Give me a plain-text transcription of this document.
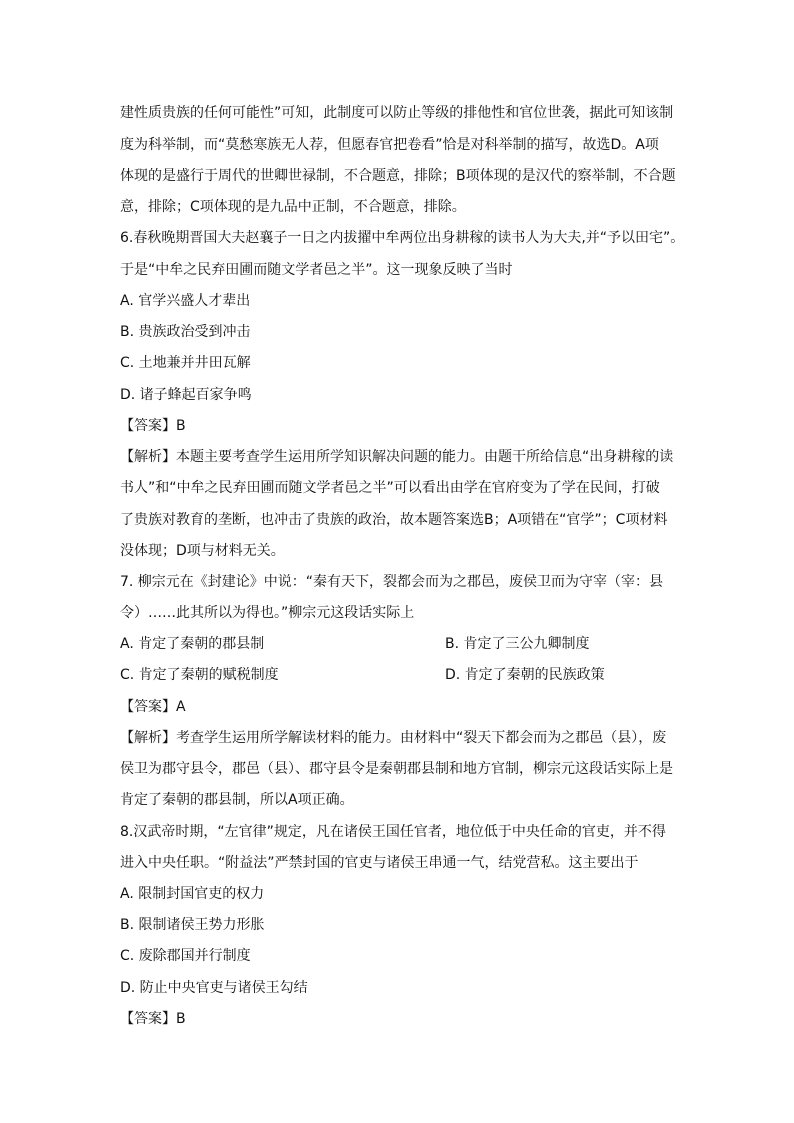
建性质贵族的任何可能性”可知，此制度可以防止等级的排他性和官位世袭，据此可知该制
度为科举制，而“莫愁寒族无人荐，但愿春官把卷看”恰是对科举制的描写，故选D。A项
体现的是盛行于周代的世卿世禄制，不合题意，排除；B项体现的是汉代的察举制，不合题
意，排除；C项体现的是九品中正制，不合题意，排除。
6.春秋晚期晋国大夫赵襄子一日之内拔擢中牟两位出身耕稼的读书人为大夫,并“予以田宅”。
于是“中牟之民弃田圃而随文学者邑之半”。这一现象反映了当时
A. 官学兴盛人才辈出
B. 贵族政治受到冲击
C. 土地兼并井田瓦解
D. 诸子蜂起百家争鸣
【答案】B
【解析】本题主要考查学生运用所学知识解决问题的能力。由题干所给信息“出身耕稼的读
书人”和“中牟之民弃田圃而随文学者邑之半”可以看出由学在官府变为了学在民间，打破
了贵族对教育的垄断，也冲击了贵族的政治，故本题答案选B；A项错在“官学”；C项材料
没体现；D项与材料无关。
7. 柳宗元在《封建论》中说：“秦有天下，裂都会而为之郡邑，废侯卫而为守宰（宰：县
令）……此其所以为得也。”柳宗元这段话实际上
A. 肯定了秦朝的郡县制	B. 肯定了三公九卿制度
C. 肯定了秦朝的赋税制度	D. 肯定了秦朝的民族政策
【答案】A
【解析】考查学生运用所学解读材料的能力。由材料中“裂天下都会而为之郡邑（县），废
侯卫为郡守县令，郡邑（县）、郡守县令是秦朝郡县制和地方官制，柳宗元这段话实际上是
肯定了秦朝的郡县制，所以A项正确。
8.汉武帝时期，“左官律”规定，凡在诸侯王国任官者，地位低于中央任命的官吏，并不得
进入中央任职。“附益法”严禁封国的官吏与诸侯王串通一气，结党营私。这主要出于
A. 限制封国官吏的权力
B. 限制诸侯王势力形胀
C. 废除郡国并行制度
D. 防止中央官吏与诸侯王勾结
【答案】B
